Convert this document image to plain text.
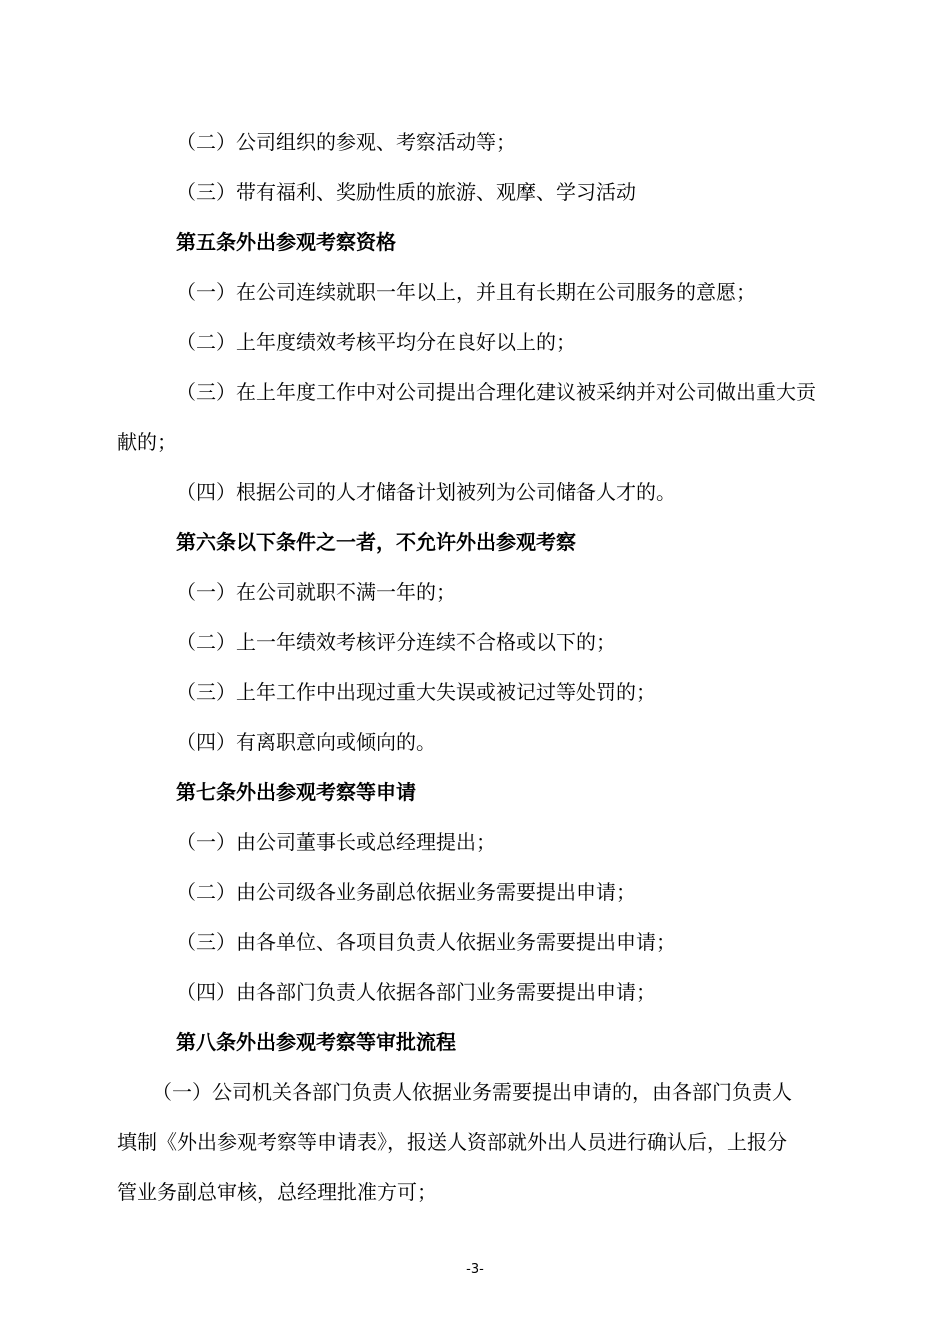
（二）公司组织的参观、考察活动等；
（三）带有福利、奖励性质的旅游、观摩、学习活动
第五条外出参观考察资格
（一）在公司连续就职一年以上，并且有长期在公司服务的意愿；
（二）上年度绩效考核平均分在良好以上的；
（三）在上年度工作中对公司提出合理化建议被采纳并对公司做出重大贡
献的；
（四）根据公司的人才储备计划被列为公司储备人才的。
第六条以下条件之一者，不允许外出参观考察
（一）在公司就职不满一年的；
（二）上一年绩效考核评分连续不合格或以下的；
（三）上年工作中出现过重大失误或被记过等处罚的；
（四）有离职意向或倾向的。
第七条外出参观考察等申请
（一）由公司董事长或总经理提出；
（二）由公司级各业务副总依据业务需要提出申请；
（三）由各单位、各项目负责人依据业务需要提出申请；
（四）由各部门负责人依据各部门业务需要提出申请；
第八条外出参观考察等审批流程
（一）公司机关各部门负责人依据业务需要提出申请的，由各部门负责人
填制《外出参观考察等申请表》，报送人资部就外出人员进行确认后，上报分
管业务副总审核，总经理批准方可；
-3-
